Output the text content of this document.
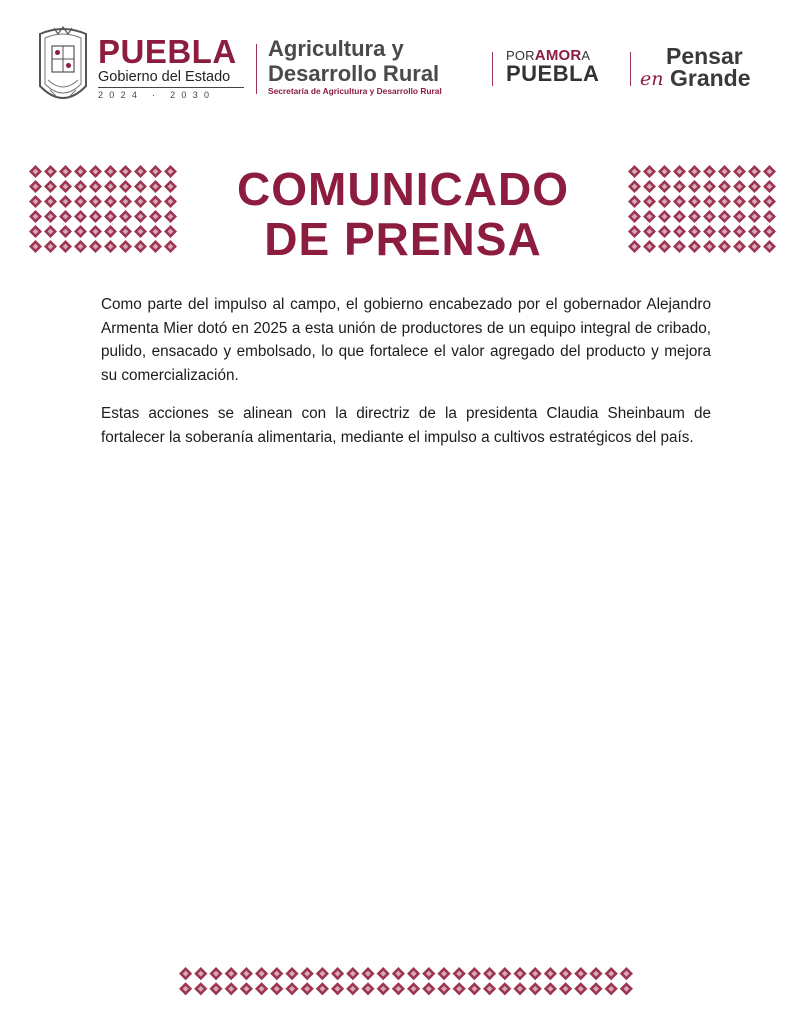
PUEBLA
Gobierno del Estado
2024 · 2030
Agricultura y
Desarrollo Rural
Secretaría de Agricultura y Desarrollo Rural
PORAMORA
PUEBLA
Pensar
en Grande
COMUNICADO
DE PRENSA

Como parte del impulso al campo, el gobierno encabezado por el gobernador Alejandro Armenta Mier dotó en 2025 a esta unión de productores de un equipo integral de cribado, pulido, ensacado y embolsado, lo que fortalece el valor agregado del producto y mejora su comercialización.

Estas acciones se alinean con la directriz de la presidenta Claudia Sheinbaum de fortalecer la soberanía alimentaria, mediante el impulso a cultivos estratégicos del país.
